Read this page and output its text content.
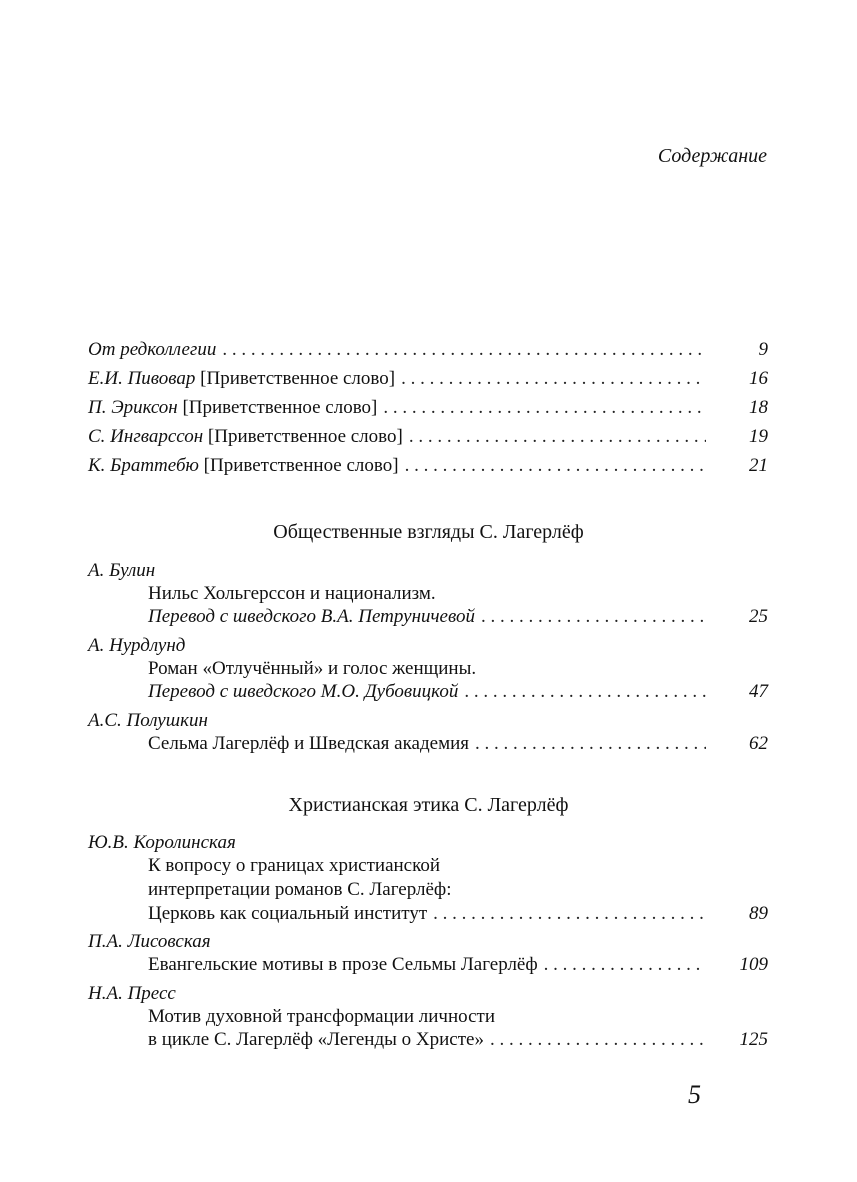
Содержание
От редколлегии . . .	9
Е.И. Пивовар [Приветственное слово] . . .	16
П. Эриксон [Приветственное слово] . . .	18
С. Ингварссон [Приветственное слово] . . .	19
К. Браттебю [Приветственное слово] . . .	21
Общественные взгляды С. Лагерлёф
А. Булин
Нильс Хольгерссон и национализм.
Перевод с шведского В.А. Петруничевой . . .	25
А. Нурдлунд
Роман «Отлучённый» и голос женщины.
Перевод с шведского М.О. Дубовицкой . . .	47
А.С. Полушкин
Сельма Лагерлёф и Шведская академия . . .	62
Христианская этика С. Лагерлёф
Ю.В. Королинская
К вопросу о границах христианской
интерпретации романов С. Лагерлёф:
Церковь как социальный институт . . .	89
П.А. Лисовская
Евангельские мотивы в прозе Сельмы Лагерлёф . . .	109
Н.А. Пресс
Мотив духовной трансформации личности
в цикле С. Лагерлёф «Легенды о Христе» . . .	125
5
